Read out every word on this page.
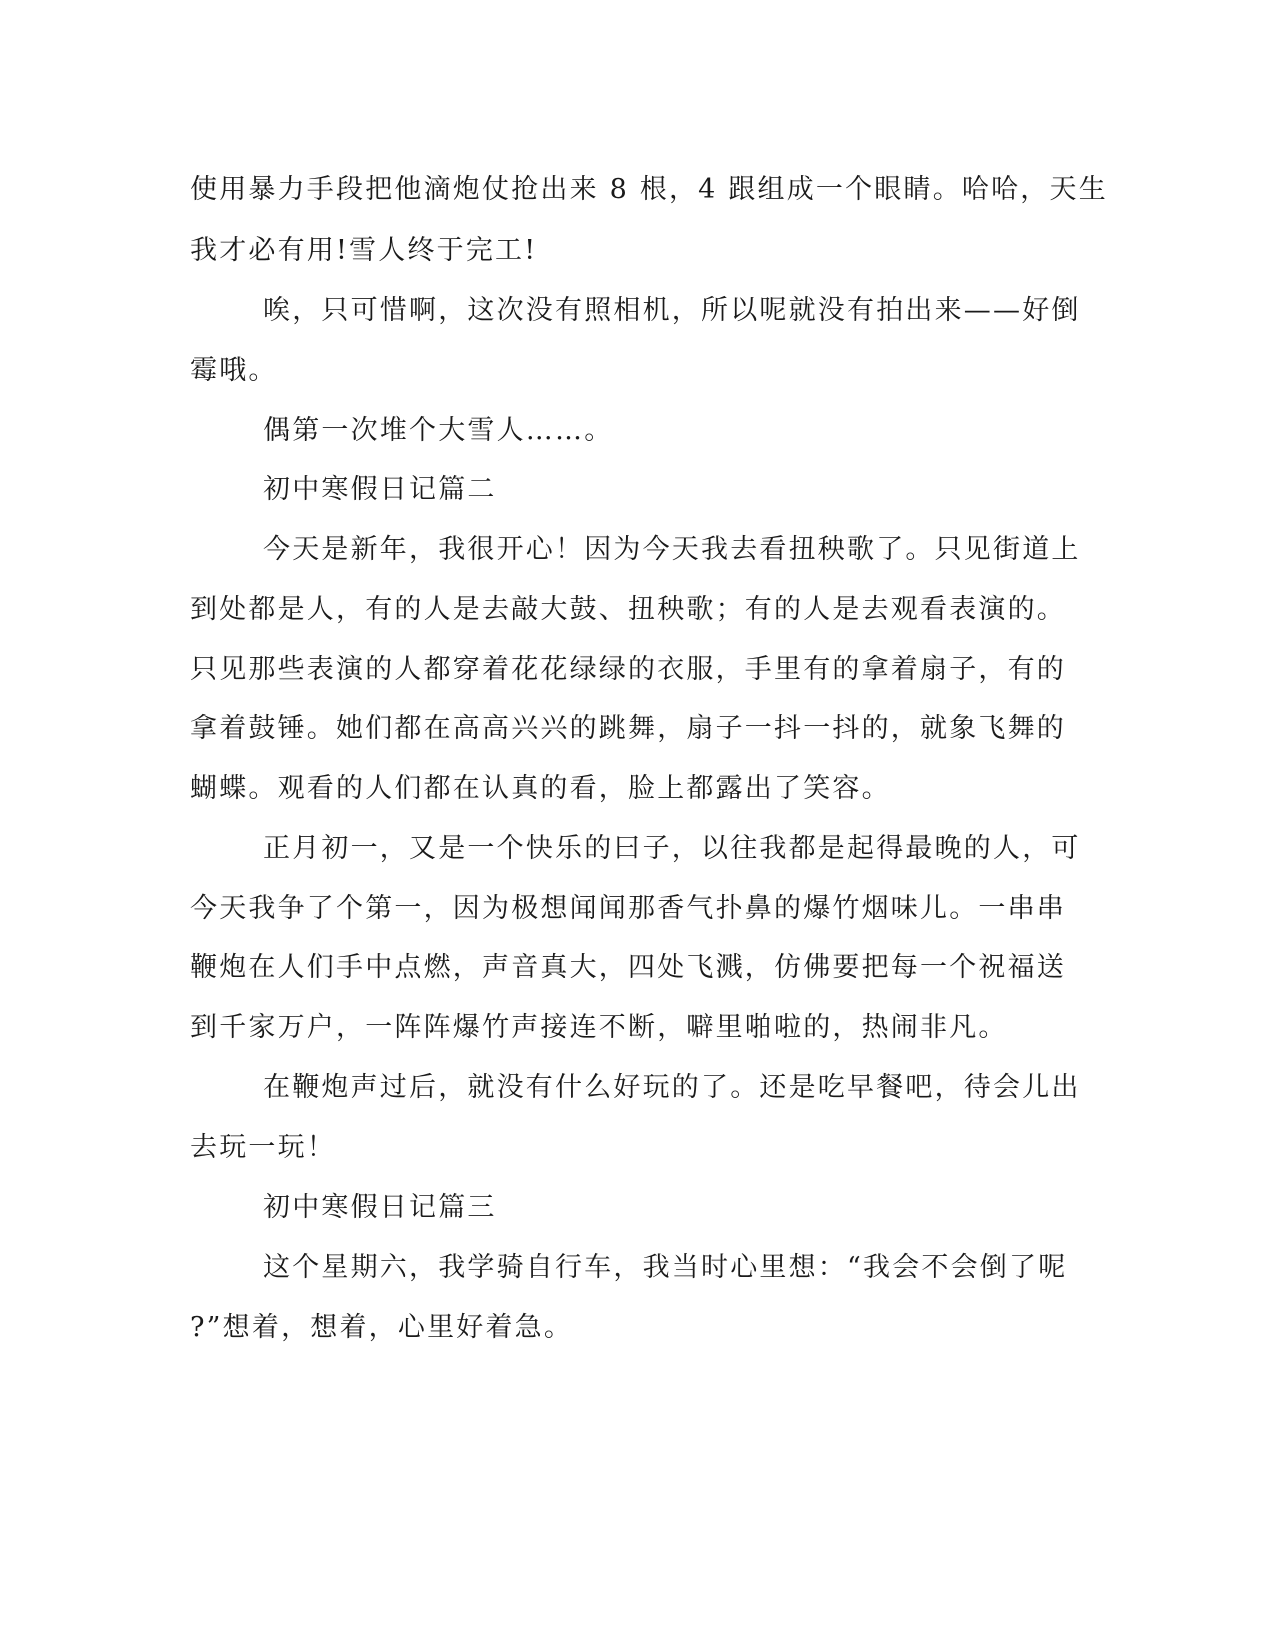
使用暴力手段把他滴炮仗抢出来 8 根，4 跟组成一个眼睛。哈哈，天生
我才必有用!雪人终于完工!
唉，只可惜啊，这次没有照相机，所以呢就没有拍出来——好倒
霉哦。
偶第一次堆个大雪人……。
初中寒假日记篇二
今天是新年，我很开心！因为今天我去看扭秧歌了。只见街道上
到处都是人，有的人是去敲大鼓、扭秧歌；有的人是去观看表演的。
只见那些表演的人都穿着花花绿绿的衣服，手里有的拿着扇子，有的
拿着鼓锤。她们都在高高兴兴的跳舞，扇子一抖一抖的，就象飞舞的
蝴蝶。观看的人们都在认真的看，脸上都露出了笑容。
正月初一，又是一个快乐的曰子，以往我都是起得最晚的人，可
今天我争了个第一，因为极想闻闻那香气扑鼻的爆竹烟味儿。一串串
鞭炮在人们手中点燃，声音真大，四处飞溅，仿佛要把每一个祝福送
到千家万户，一阵阵爆竹声接连不断，噼里啪啦的，热闹非凡。
在鞭炮声过后，就没有什么好玩的了。还是吃早餐吧，待会儿出
去玩一玩！
初中寒假日记篇三
这个星期六，我学骑自行车，我当时心里想：“我会不会倒了呢
?”想着，想着，心里好着急。
